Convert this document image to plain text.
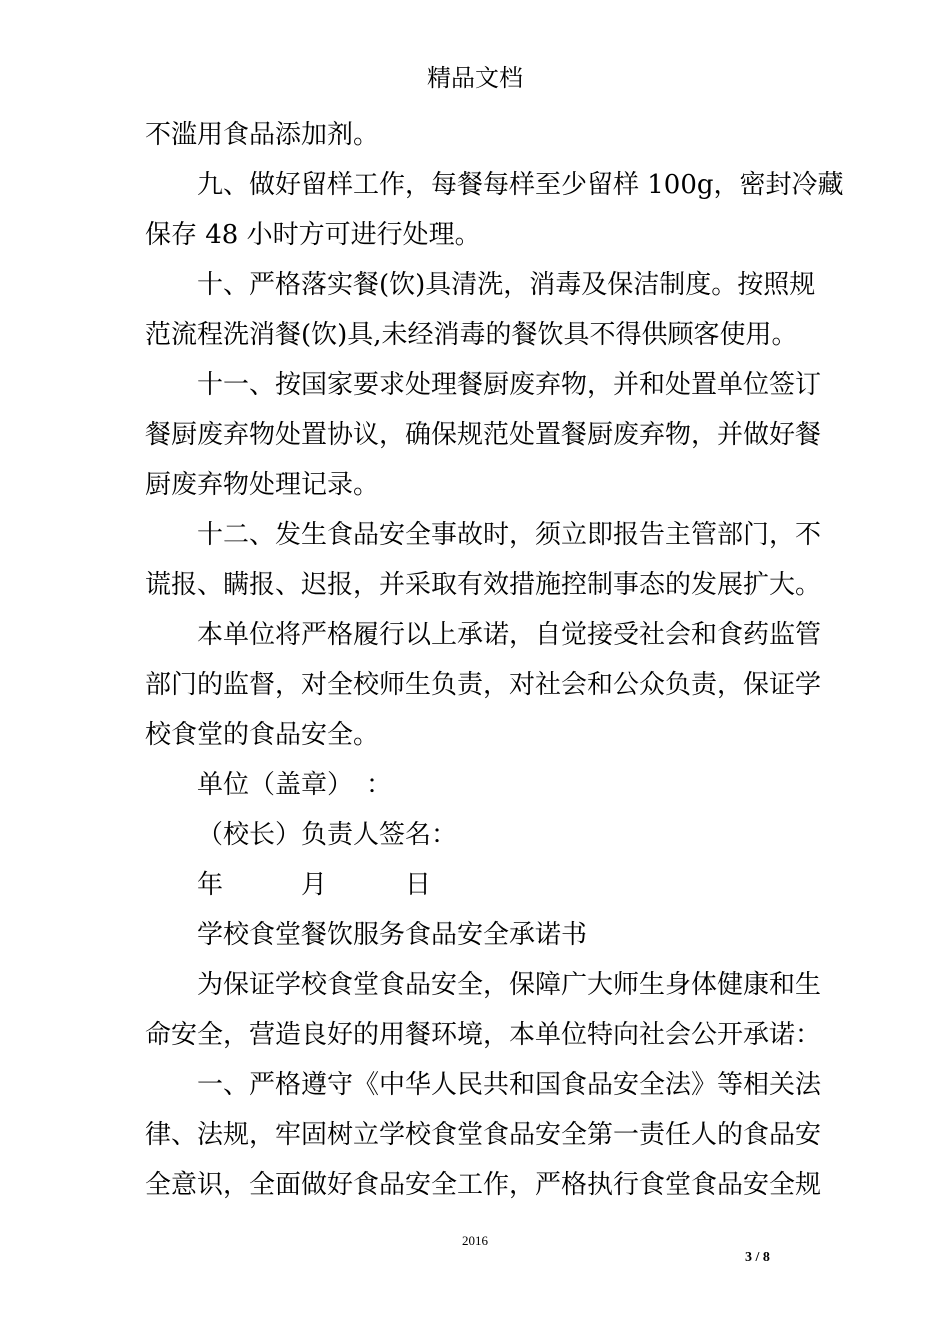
精品文档
不滥用食品添加剂。
九、做好留样工作，每餐每样至少留样 100g，密封冷藏
保存 48 小时方可进行处理。
十、严格落实餐(饮)具清洗，消毒及保洁制度。按照规
范流程洗消餐(饮)具,未经消毒的餐饮具不得供顾客使用。
十一、按国家要求处理餐厨废弃物，并和处置单位签订
餐厨废弃物处置协议，确保规范处置餐厨废弃物，并做好餐
厨废弃物处理记录。
十二、发生食品安全事故时，须立即报告主管部门，不
谎报、瞒报、迟报，并采取有效措施控制事态的发展扩大。
本单位将严格履行以上承诺，自觉接受社会和食药监管
部门的监督，对全校师生负责，对社会和公众负责，保证学
校食堂的食品安全。
单位（盖章）　：
（校长）负责人签名：
年	月	日
学校食堂餐饮服务食品安全承诺书
为保证学校食堂食品安全，保障广大师生身体健康和生
命安全，营造良好的用餐环境，本单位特向社会公开承诺：
一、严格遵守《中华人民共和国食品安全法》等相关法
律、法规，牢固树立学校食堂食品安全第一责任人的食品安
全意识，全面做好食品安全工作，严格执行食堂食品安全规
2016
3 / 8
